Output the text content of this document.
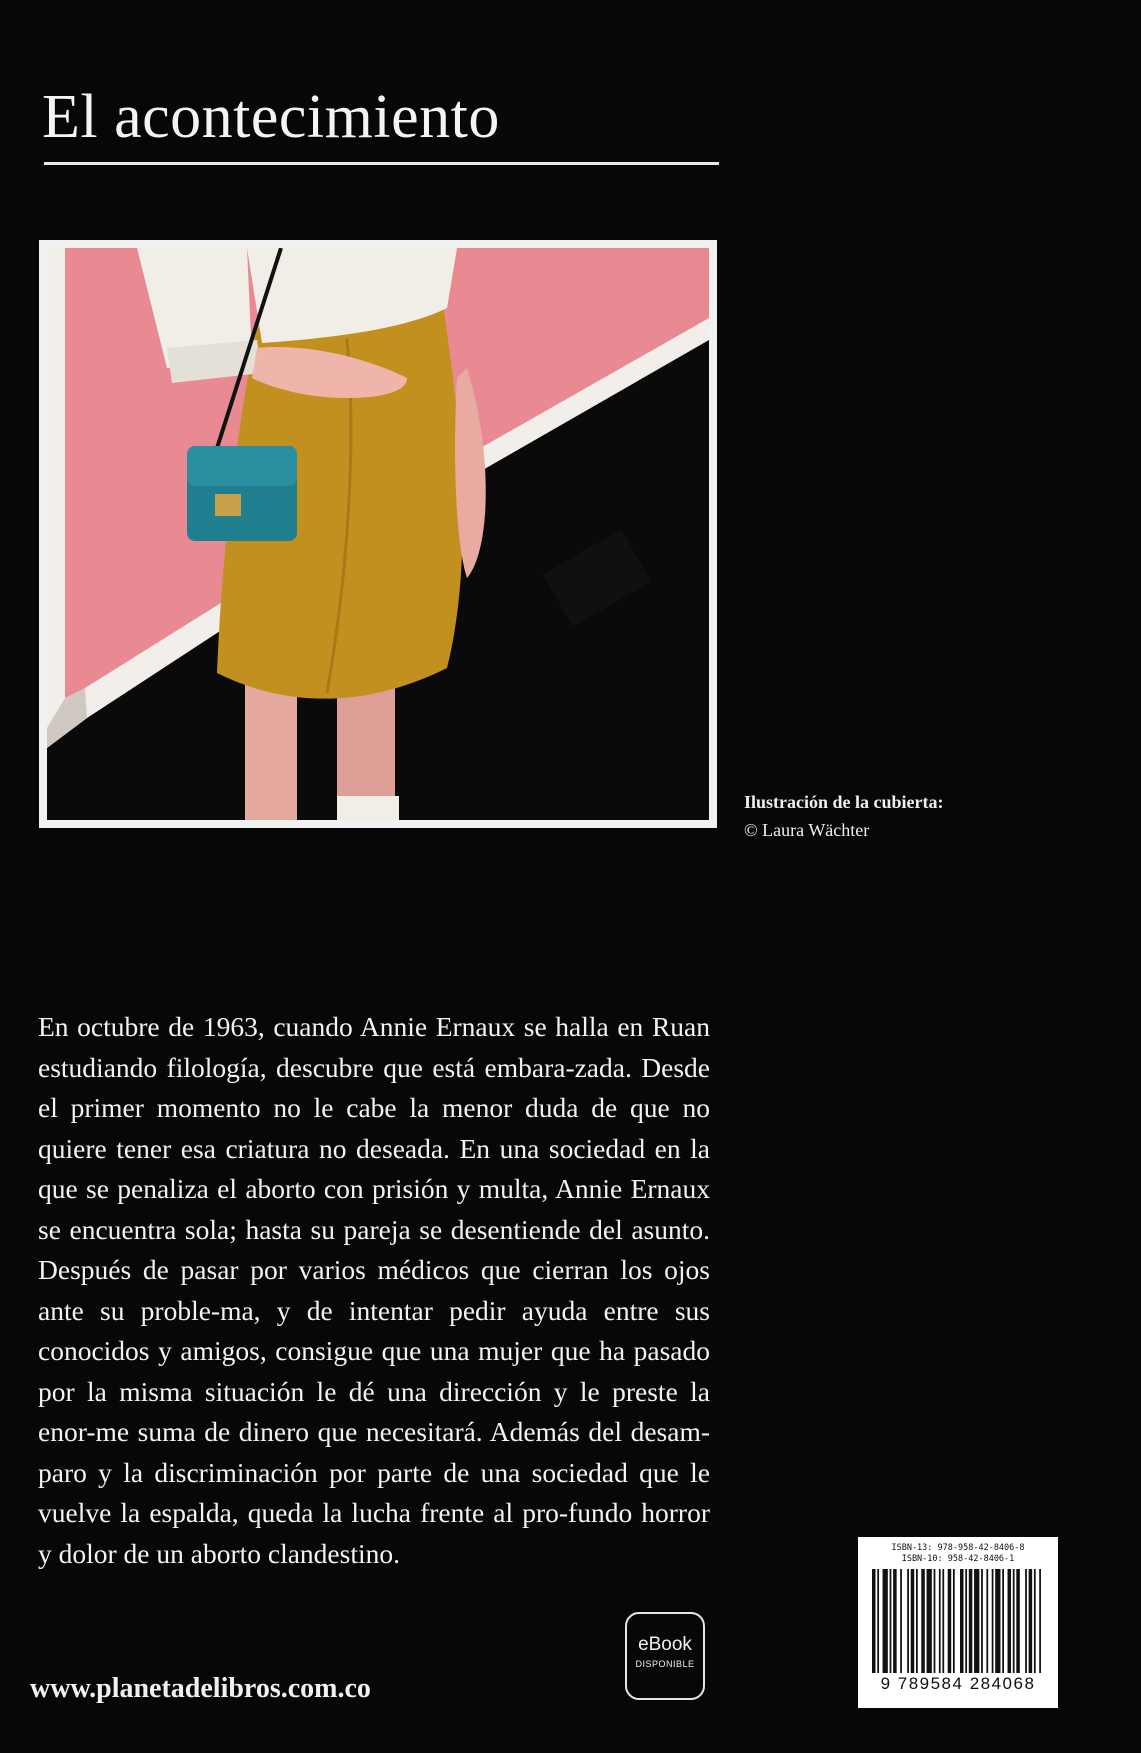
El acontecimiento
Ilustración de la cubierta:
© Laura Wächter
En octubre de 1963, cuando Annie Ernaux se halla en Ruan estudiando filología, descubre que está embara-zada. Desde el primer momento no le cabe la menor duda de que no quiere tener esa criatura no deseada. En una sociedad en la que se penaliza el aborto con prisión y multa, Annie Ernaux se encuentra sola; hasta su pareja se desentiende del asunto. Después de pasar por varios médicos que cierran los ojos ante su proble-ma, y de intentar pedir ayuda entre sus conocidos y amigos, consigue que una mujer que ha pasado por la misma situación le dé una dirección y le preste la enor-me suma de dinero que necesitará. Además del desam-paro y la discriminación por parte de una sociedad que le vuelve la espalda, queda la lucha frente al pro-fundo horror y dolor de un aborto clandestino.
eBook
DISPONIBLE
www.planetadelibros.com.co
ISBN-13: 978-958-42-8406-8
ISBN-10: 958-42-8406-1
9 789584 284068
